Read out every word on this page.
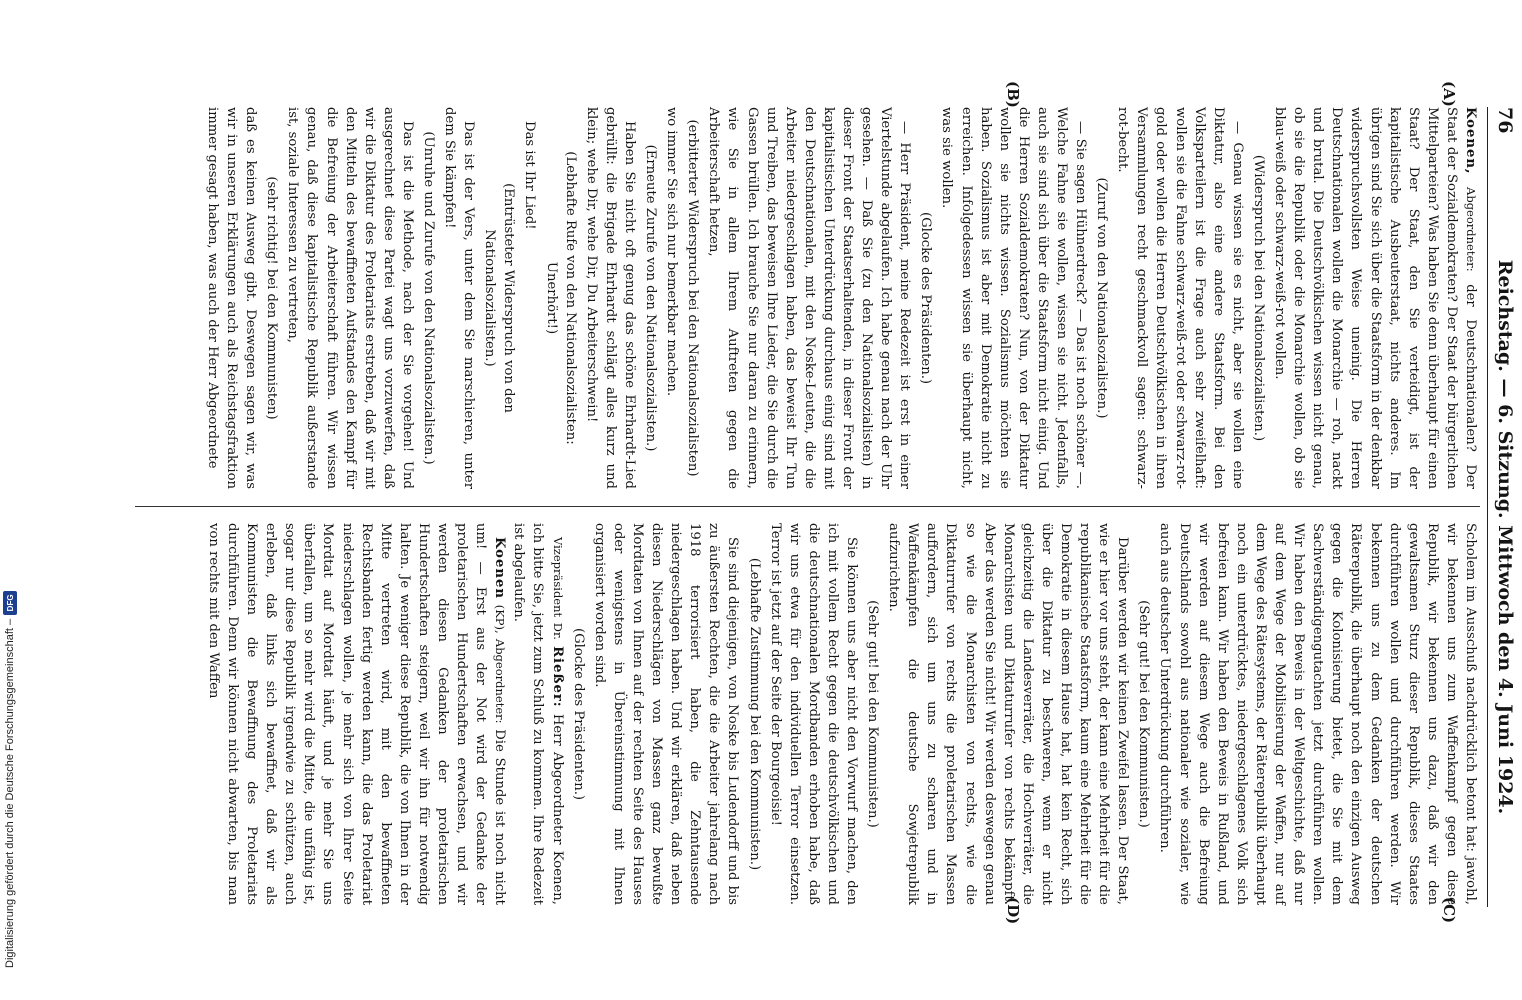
76
Reichstag. — 6. Sitzung. Mittwoch den 4. Juni 1924.
(A)
(B)
(C)
(D)

Koenen, Abgeordneter: der Deutschnationalen? Der Staat der Sozialdemokraten? Der Staat der bürgerlichen Mittelparteien? Was haben Sie denn überhaupt für einen Staat? Der Staat, den Sie verteidigt, ist der kapitalistische Ausbeuterstaat, nichts anderes. Im übrigen sind Sie sich über die Staatsform in der denkbar widerspruchsvollsten Weise uneinig. Die Herren Deutschnationalen wollen die Monarchie — roh, nackt und brutal. Die Deutschvölkischen wissen nicht genau, ob sie die Republik oder die Monarchie wollen, ob sie blau-weiß oder schwarz-weiß-rot wollen.

(Widerspruch bei den Nationalsozialisten.)

— Genau wissen sie es nicht, aber sie wollen eine Diktatur, also eine andere Staatsform. Bei den Volksparteilern ist die Frage auch sehr zweifelhaft: wollen sie die Fahne schwarz-weiß-rot oder schwarz-rot-gold oder wollen die Herren Deutschvölkischen in ihren Versammlungen recht geschmackvoll sagen: schwarz-rot-becht.

(Zuruf von den Nationalsozialisten.)

— Sie sagen Hühnerdreck? — Das ist noch schöner —. Welche Fahne sie wollen, wissen sie nicht. Jedenfalls, auch sie sind sich über die Staatsform nicht einig. Und die Herren Sozialdemokraten? Nun, von der Diktatur wollen sie nichts wissen. Sozialismus möchten sie haben. Sozialismus ist aber mit Demokratie nicht zu erreichen. Infolgedessen wissen sie überhaupt nicht, was sie wollen.

(Glocke des Präsidenten.)

— Herr Präsident, meine Redezeit ist erst in einer Viertelstunde abgelaufen. Ich habe genau nach der Uhr gesehen. — Daß Sie (zu den Nationalsozialisten) in dieser Front der Staatserhaltenden, in dieser Front der kapitalistischen Unterdrückung durchaus einig sind mit den Deutschnationalen, mit den Noske-Leuten, die die Arbeiter niedergeschlagen haben, das beweist Ihr Tun und Treiben, das beweisen Ihre Lieder, die Sie durch die Gassen brüllen. Ich brauche Sie nur daran zu erinnern, wie Sie in allem Ihrem Auftreten gegen die Arbeiterschaft hetzen,

(erbitterter Widerspruch bei den Nationalsozialisten)

wo immer Sie sich nur bemerkbar machen.

(Erneute Zurufe von den Nationalsozialisten.)

Haben Sie nicht oft genug das schöne Ehrhardt-Lied gebrüllt: die Brigade Ehrhardt schlägt alles kurz und klein; wehe Dir, wehe Dir, Du Arbeiterschwein!

(Lebhafte Rufe von den Nationalsozialisten: Unerhört!)

Das ist Ihr Lied!

(Entrüsteter Widerspruch von den Nationalsozialisten.)

Das ist der Vers, unter dem Sie marschieren, unter dem Sie kämpfen!

(Unruhe und Zurufe von den Nationalsozialisten.)

Das ist die Methode, nach der Sie vorgehen! Und ausgerechnet diese Partei wagt uns vorzuwerfen, daß wir die Diktatur des Proletariats erstreben, daß wir mit den Mitteln des bewaffneten Aufstandes den Kampf für die Befreiung der Arbeiterschaft führen. Wir wissen genau, daß diese kapitalistische Republik außerstande ist, soziale Interessen zu vertreten,

(sehr richtig! bei den Kommunisten)

daß es keinen Ausweg gibt. Deswegen sagen wir, was wir in unseren Erklärungen auch als Reichstagsfraktion immer gesagt haben, was auch der Herr Abgeordnete

Scholem im Ausschuß nachdrücklich betont hat: jawohl, wir bekennen uns zum Waffenkampf gegen diese Republik, wir bekennen uns dazu, daß wir den gewaltsamen Sturz dieser Republik, dieses Staates durchführen wollen und durchführen werden. Wir bekennen uns zu dem Gedanken der deutschen Räterepublik, die überhaupt noch den einzigen Ausweg gegen die Kolonisierung bietet, die Sie mit dem Sachverständigengutachten jetzt durchführen wollen. Wir haben den Beweis in der Weltgeschichte, daß nur auf dem Wege der Mobilisierung der Waffen, nur auf dem Wege des Rätesystems, der Räterepublik überhaupt noch ein unterdrücktes, niedergeschlagenes Volk sich befreien kann. Wir haben den Beweis in Rußland, und wir werden auf diesem Wege auch die Befreiung Deutschlands sowohl aus nationaler wie sozialer, wie auch aus deutscher Unterdrückung durchführen.

(Sehr gut! bei den Kommunisten.)

Darüber werden wir keinen Zweifel lassen. Der Staat, wie er hier vor uns steht, der kann eine Mehrheit für die republikanische Staatsform, kaum eine Mehrheit für die Demokratie in diesem Hause hat, hat kein Recht, sich über die Diktatur zu beschweren, wenn er nicht gleichzeitig die Landesverräter, die Hochverräter, die Monarchisten und Diktaturrufer von rechts bekämpft. Aber das werden Sie nicht! Wir werden deswegen genau so wie die Monarchisten von rechts, wie die Diktaturrufer von rechts die proletarischen Massen auffordern, sich um uns zu scharen und in Waffenkämpfen die deutsche Sowjetrepublik aufzurichten.

(Sehr gut! bei den Kommunisten.)

Sie können uns aber nicht den Vorwurf machen, den ich mit vollem Recht gegen die deutschvölkischen und die deutschnationalen Mordbanden erhoben habe, daß wir uns etwa für den individuellen Terror einsetzen. Terror ist jetzt auf der Seite der Bourgeoisie!

(Lebhafte Zustimmung bei den Kommunisten.)

Sie sind diejenigen, von Noske bis Ludendorff und bis zu äußersten Rechten, die die Arbeiter jahrelang nach 1918 terrorisiert haben, die Zehntausende niedergeschlagen haben. Und wir erklären, daß neben diesen Niederschlägen von Massen ganz bewußte Mordtaten von Ihnen auf der rechten Seite des Hauses oder wenigstens in Übereinstimmung mit Ihnen organisiert worden sind.

(Glocke des Präsidenten.)

Vizepräsident Dr. Rießer: Herr Abgeordneter Koenen, ich bitte Sie, jetzt zum Schluß zu kommen. Ihre Redezeit ist abgelaufen.

Koenen (KP), Abgeordneter: Die Stunde ist noch nicht um! — Erst aus der Not wird der Gedanke der proletarischen Hundertschaften erwachsen, und wir werden diesen Gedanken der proletarischen Hundertschaften steigern, weil wir ihn für notwendig halten. Je weniger diese Republik, die von Ihnen in der Mitte vertreten wird, mit den bewaffneten Rechtsbanden fertig werden kann, die das Proletariat niederschlagen wollen, je mehr sich von Ihrer Seite Mordtat auf Mordtat häuft, und je mehr Sie uns überfallen, um so mehr wird die Mitte, die unfähig ist, sogar nur diese Republik irgendwie zu schützen, auch erleben, daß links sich bewaffnet, daß wir als Kommunisten die Bewaffnung des Proletariats durchführen. Denn wir können nicht abwarten, bis man von rechts mit den Waffen

Digitalisierung gefördert durch die Deutsche Forschungsgemeinschaft –
DFG
